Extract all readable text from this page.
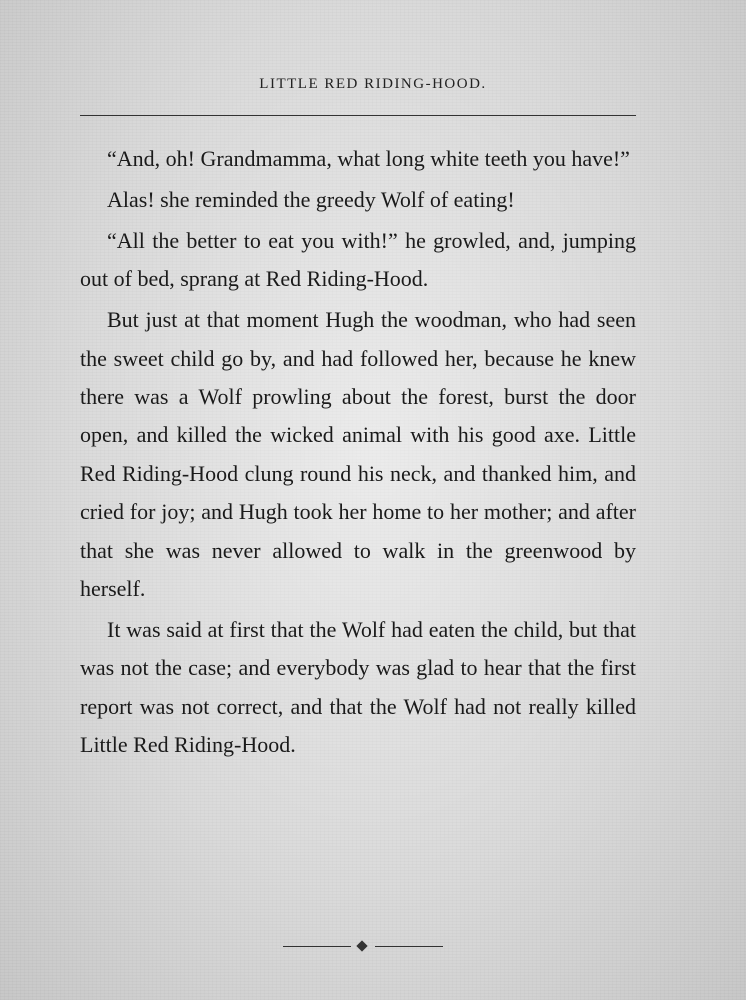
LITTLE RED RIDING-HOOD.

“And, oh! Grandmamma, what long white teeth you have!”

Alas! she reminded the greedy Wolf of eating!

“All the better to eat you with!” he growled, and, jumping out of bed, sprang at Red Riding-Hood.

But just at that moment Hugh the woodman, who had seen the sweet child go by, and had followed her, because he knew there was a Wolf prowling about the forest, burst the door open, and killed the wicked animal with his good axe. Little Red Riding-Hood clung round his neck, and thanked him, and cried for joy; and Hugh took her home to her mother; and after that she was never allowed to walk in the greenwood by herself.

It was said at first that the Wolf had eaten the child, but that was not the case; and everybody was glad to hear that the first report was not correct, and that the Wolf had not really killed Little Red Riding-Hood.
